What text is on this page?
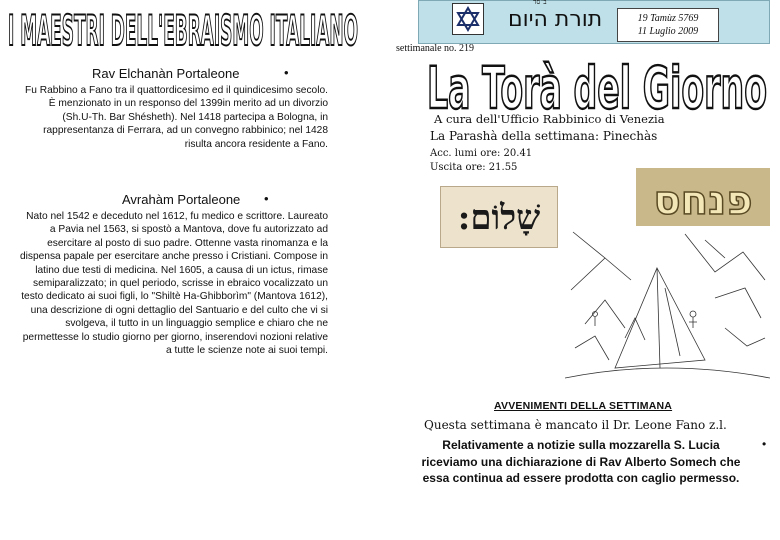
I MAESTRI DELL'EBRAISMO ITALIANO
Rav Elchanàn Portaleone	•
Fu Rabbino a Fano tra il quattordicesimo ed il quindicesimo secolo. È menzionato in un responso del 1399in merito ad un divorzio (Sh.U-Th. Bar Shésheth). Nel 1418 partecipa a Bologna, in rappresentanza di Ferrara, ad un convegno rabbinico; nel 1428 risulta ancora residente a Fano.
Avrahàm Portaleone •
Nato nel 1542 e deceduto nel 1612, fu medico e scrittore. Laureato a Pavia nel 1563, si spostò a Mantova, dove fu autorizzato ad esercitare al posto di suo padre. Ottenne vasta rinomanza e la dispensa papale per esercitare anche presso i Cristiani. Compose in latino due testi di medicina. Nel 1605, a causa di un ictus, rimase semiparalizzato; in quel periodo, scrisse in ebraico vocalizzato un testo dedicato ai suoi figli, lo "Shiltè Ha-Ghibborìm" (Mantova 1612), una descrizione di ogni dettaglio del Santuario e del culto che vi si svolgeva, il tutto in un linguaggio semplice e chiaro che ne permettesse lo studio giorno per giorno, inserendovi nozioni relative a tutte le scienze note ai suoi tempi.
ב"סד
תורת היום	19 Tamùz 5769
11 Luglio 2009
settimanale no. 219
La Torà del Giorno
A cura dell'Ufficio Rabbinico di Venezia
La Parashà della settimana: Pinechàs
Acc. lumi ore: 20.41
Uscita ore: 21.55
פנחס
שָׁלוֹם:
AVVENIMENTI DELLA SETTIMANA
Questa settimana è mancato il Dr. Leone Fano z.l.
Relativamente a notizie sulla mozzarella S. Lucia riceviamo una dichiarazione di Rav Alberto Somech che essa continua ad essere prodotta con caglio permesso.
•
